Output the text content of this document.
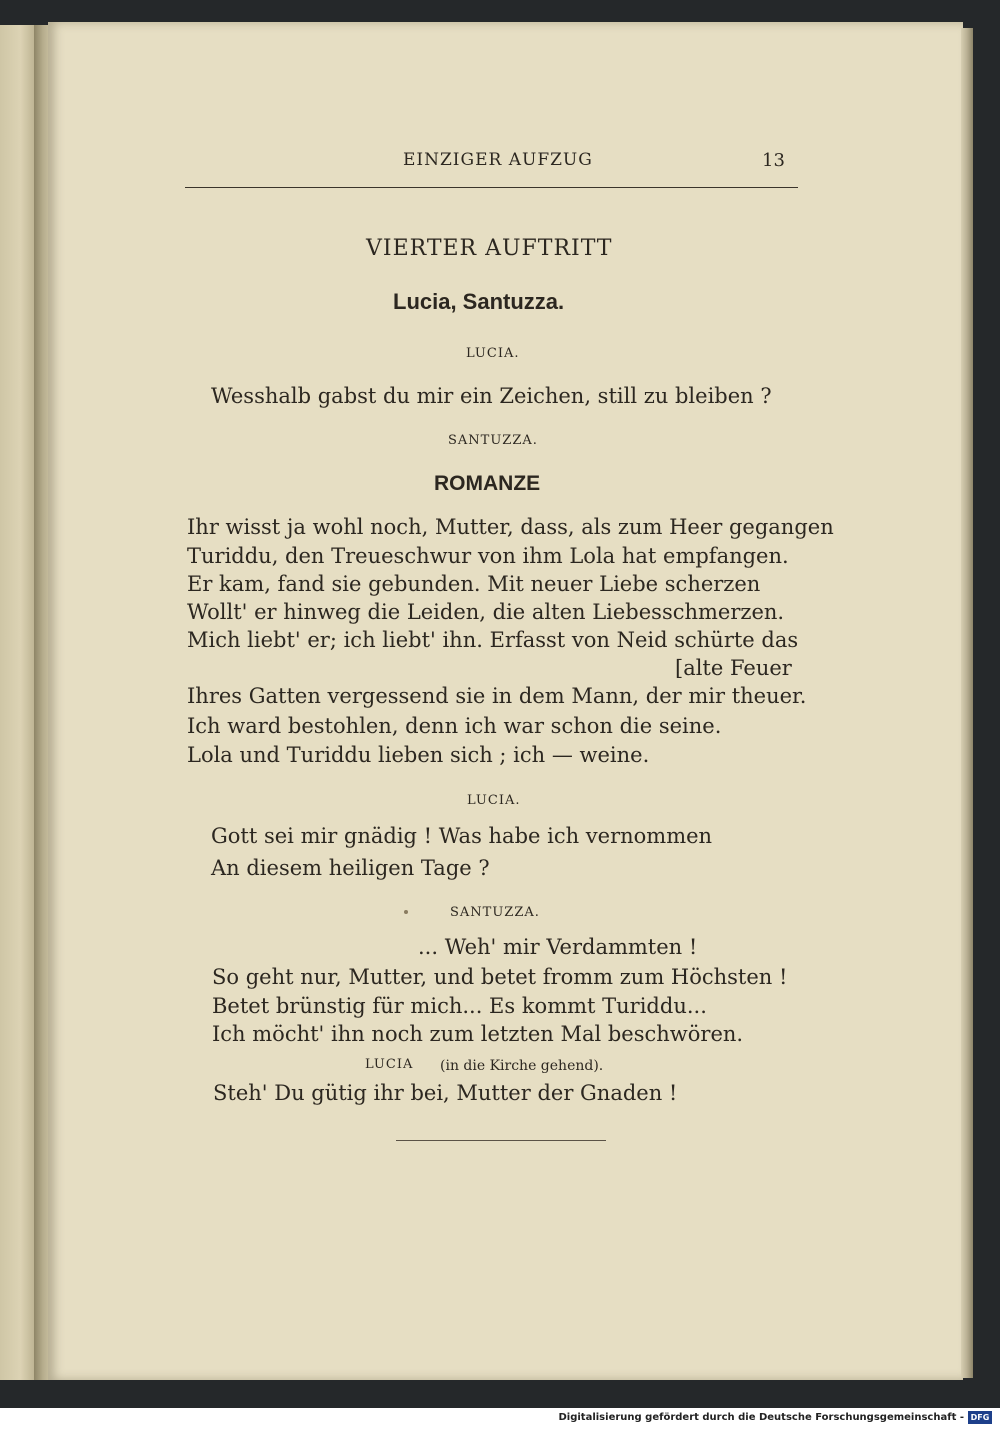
EINZIGER AUFZUG	13
VIERTER AUFTRITT
Lucia, Santuzza.
LUCIA.
Wesshalb gabst du mir ein Zeichen, still zu bleiben ?
SANTUZZA.
ROMANZE
Ihr wisst ja wohl noch, Mutter, dass, als zum Heer gegangen
Turiddu, den Treueschwur von ihm Lola hat empfangen.
Er kam, fand sie gebunden. Mit neuer Liebe scherzen
Wollt' er hinweg die Leiden, die alten Liebesschmerzen.
Mich liebt' er; ich liebt' ihn. Erfasst von Neid schürte das
[alte Feuer
Ihres Gatten vergessend sie in dem Mann, der mir theuer.
Ich ward bestohlen, denn ich war schon die seine.
Lola und Turiddu lieben sich ; ich — weine.
LUCIA.
Gott sei mir gnädig ! Was habe ich vernommen
An diesem heiligen Tage ?
SANTUZZA.
... Weh' mir Verdammten !
So geht nur, Mutter, und betet fromm zum Höchsten !
Betet brünstig für mich... Es kommt Turiddu...
Ich möcht' ihn noch zum letzten Mal beschwören.
LUCIA (in die Kirche gehend).
Steh' Du gütig ihr bei, Mutter der Gnaden !
Digitalisierung gefördert durch die Deutsche Forschungsgemeinschaft - DFG
